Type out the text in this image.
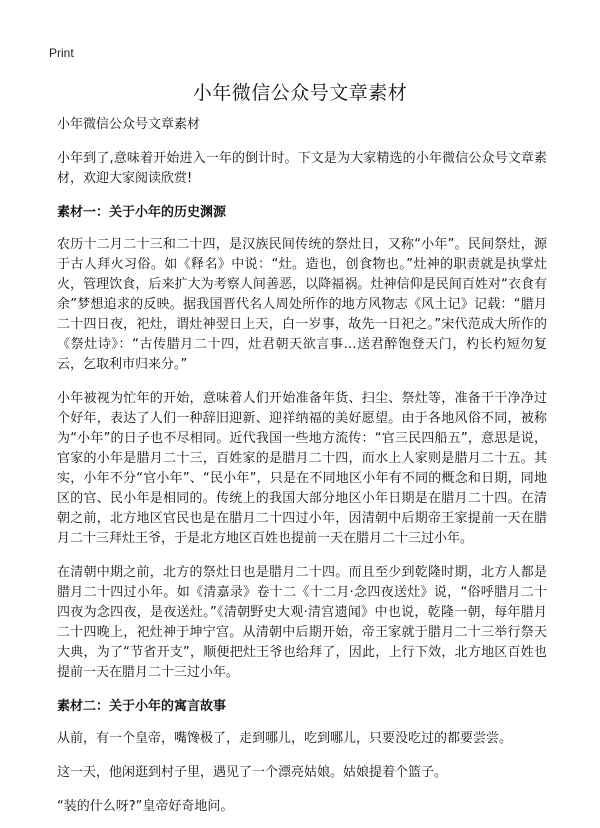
Print
小年微信公众号文章素材

小年微信公众号文章素材

小年到了,意味着开始进入一年的倒计时。下文是为大家精选的小年微信公众号文章素材，欢迎大家阅读欣赏!

素材一：关于小年的历史渊源

农历十二月二十三和二十四，是汉族民间传统的祭灶日，又称“小年”。民间祭灶，源于古人拜火习俗。如《释名》中说：“灶。造也，创食物也。”灶神的职责就是执掌灶火，管理饮食，后来扩大为考察人间善恶，以降福祸。灶神信仰是民间百姓对“衣食有余”梦想追求的反映。据我国晋代名人周处所作的地方风物志《风土记》记载：“腊月二十四日夜，祀灶，谓灶神翌日上天，白一岁事，故先一日祀之。”宋代范成大所作的《祭灶诗》：“古传腊月二十四，灶君朝天欲言事…送君醉饱登天门，杓长杓短勿复云，乞取利市归来分。”

小年被视为忙年的开始，意味着人们开始准备年货、扫尘、祭灶等，准备干干净净过个好年，表达了人们一种辞旧迎新、迎祥纳福的美好愿望。由于各地风俗不同，被称为“小年”的日子也不尽相同。近代我国一些地方流传：“官三民四船五”，意思是说，官家的小年是腊月二十三，百姓家的是腊月二十四，而水上人家则是腊月二十五。其实，小年不分“官小年”、“民小年”，只是在不同地区小年有不同的概念和日期，同地区的官、民小年是相同的。传统上的我国大部分地区小年日期是在腊月二十四。在清朝之前，北方地区官民也是在腊月二十四过小年，因清朝中后期帝王家提前一天在腊月二十三拜灶王爷，于是北方地区百姓也提前一天在腊月二十三过小年。

在清朝中期之前，北方的祭灶日也是腊月二十四。而且至少到乾隆时期，北方人都是腊月二十四过小年。如《清嘉录》卷十二《十二月·念四夜送灶》说，“俗呼腊月二十四夜为念四夜，是夜送灶。”《清朝野史大观·清宫遗闻》中也说，乾隆一朝，每年腊月二十四晚上，祀灶神于坤宁宫。从清朝中后期开始，帝王家就于腊月二十三举行祭天大典，为了“节省开支”，顺便把灶王爷也给拜了，因此，上行下效，北方地区百姓也提前一天在腊月二十三过小年。

素材二：关于小年的寓言故事

从前，有一个皇帝，嘴馋极了，走到哪儿，吃到哪儿，只要没吃过的都要尝尝。

这一天，他闲逛到村子里，遇见了一个漂亮姑娘。姑娘提着个篮子。

“装的什么呀?”皇帝好奇地问。
